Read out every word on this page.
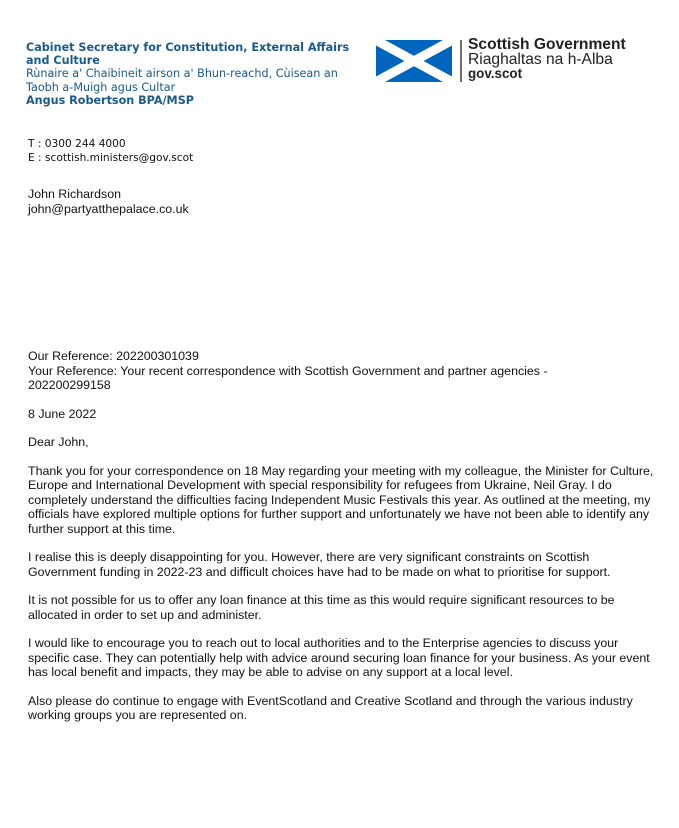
Cabinet Secretary for Constitution, External Affairs
and Culture
Rùnaire a' Chaibineit airson a' Bhun-reachd, Cùisean an
Taobh a-Muigh agus Cultar
Angus Robertson BPA/MSP
Scottish Government
Riaghaltas na h-Alba
gov.scot
T : 0300 244 4000
E : scottish.ministers@gov.scot
John Richardson
john@partyatthepalace.co.uk

Our Reference: 202200301039
Your Reference: Your recent correspondence with Scottish Government and partner agencies -
202200299158

8 June 2022

Dear John,

Thank you for your correspondence on 18 May regarding your meeting with my colleague, the Minister for Culture, Europe and International Development with special responsibility for refugees from Ukraine, Neil Gray. I do completely understand the difficulties facing Independent Music Festivals this year. As outlined at the meeting, my officials have explored multiple options for further support and unfortunately we have not been able to identify any further support at this time.

I realise this is deeply disappointing for you. However, there are very significant constraints on Scottish Government funding in 2022-23 and difficult choices have had to be made on what to prioritise for support.

It is not possible for us to offer any loan finance at this time as this would require significant resources to be allocated in order to set up and administer.

I would like to encourage you to reach out to local authorities and to the Enterprise agencies to discuss your specific case. They can potentially help with advice around securing loan finance for your business. As your event has local benefit and impacts, they may be able to advise on any support at a local level.

Also please do continue to engage with EventScotland and Creative Scotland and through the various industry working groups you are represented on.
